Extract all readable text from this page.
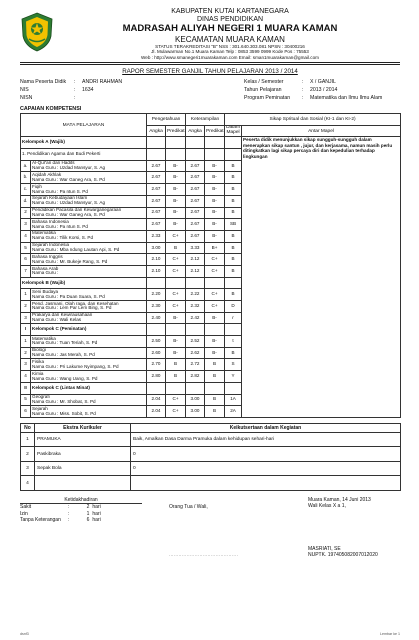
KABUPATEN KUTAI KARTANEGARA
DINAS PENDIDIKAN
MADRASAH ALIYAH NEGERI 1 MUARA KAMAN
KECAMATAN MUARA KAMAN
STATUS TERAKREDITASI "B" NSS : 301.640.303.081 NPSN : 30400216
Jl. Mulawarman No.1 Muara Kaman Telp : 0853 3599 0999 Kode Pos : 75553
Web : http://www.smanegeri1muarakaman.com Email: sman1muarakaman@gmail.com
RAPOR SEMESTER GANJIL TAHUN PELAJARAN 2013 / 2014
Nama Peserta Didik : ANDRI RAHMAN
NIS	: 1634
NISN	:
Kelas / Semester	: X / GANJIL
Tahun Pelajaran	: 2013 / 2014
Program Peminatan : Matematika dan Ilmu Ilmu Alam
CAPAIAN KOMPETENSI
MATA PELAJARAN		Pengetahuan		Keterampilan		Sikap Spritual dan Sosial (KI-1 dan KI-2)	
		Angka	Predikat	Angka	Predikat	Dalam Mapel	Antar Mapel
Kelompok A (Wajib)							Peserta didik menunjukkan sikap sungguh-sungguh dalam menerapkan sikap santun , jujur, dan kerjasama, namun masih perlu ditingkatkan lagi sikap percaya diri dan kepedulian terhadap lingkungan
1. Pendidikan Agama dan Budi Pekerti							
a.	Al-Qur'an dan Hadits
Nama Guru : Uzdad Mansyur, S. Ag	2.67	B-	2.67	B-	B	
b.	Aqidah Akhlak
Nama Guru : War Ganeg Ara, S. Pd	2.67	B-	2.67	B-	B	
c.	Fiqih
Nama Guru : Pa ntun S. Pd	2.67	B-	2.67	B-	B	
d.	Sejarah Kebudayaan Islam
Nama Guru : Uzdad Mansyur, S. Ag	2.67	B-	2.67	B-	B	
2	Pendidikan Pacasila dan Kewarganegaraan
Nama Guru : War Ganeg Ara, S. Pd	2.67	B-	2.67	B-	B	
3	Bahasa Indonesia
Nama Guru : Pa ntun S. Pd	2.67	B-	2.67	B-	SB	
4	Matematika
Nama Guru : Tilik Korsi, S. Pd	2.33	C+	2.67	B-	B	
5	Sejarah Indonesia
Nama Guru : Mba ndung Lautan Api, S. Pd	3.00	B	3.33	B+	B	
6	Bahasa Inggris
Nama Guru : Mr. Bukeje Rang, S. Pd	2.10	C+	2.12	C+	B	
7	Bahasa Arab
Nama Guru :	2.10	C+	2.12	C+	B	
Kelompok B (Wajib)							
1	Seni Budaya
Nama Guru : Pa Duan Suara, S. Pd	2.20	C+	2.22	C+	B	
2	Pend. Jasmani, Olah raga, dan Kesehatan
Nama Guru : Lem Par Lem Bing, S. Pd	2.30	C+	2.32	C+	D	
3	Prakarya dan Kewirausahaan
Nama Guru : Wali Kelas	2.40	B-	2.42	B-	r	
I	Kelompok C (Peminatan)						
1	Matematika
Nama Guru : Tuan Teriah, S. Pd	2.50	B-	2.52	B-	t	
2	Biologi
Nama Guru : Jas Merah, S. Pd	2.60	B-	2.62	B-	B	
3	Fisika
Nama Guru : Pri Lakume Nyimpang, S. Pd	2.70	B	2.72	B	S	
4	Kimia
Nama Guru : Wang Uang, S. Pd	2.80	B	2.82	B	Y	
II	Kelompok C (Lintas Minat)						
5	Geografi
Nama Guru : Mr. Shobat, S. Pd	2.04	C+	3.00	B	1A	
6	Sejarah
Nama Guru : Miss. Sobit, S. Pd	2.04	C+	3.00	B	2A	
No	Ekstra Kurikuler	Keikutsertaan dalam Kegiatan
1	PRAMUKA	Baik, Amalkan Dasa Darma Pramuka dalam kehidupan sehari-hari
2	Paskibraka	0
3	Sepak Bola	0
4		
Ketidakhadiran
Sakit	:	2 hari
Izin	:	1 hari
Tanpa Keterangan	:	6 hari
Orang Tua / Wali,
...........................................
Muara Kaman, 14 Juni 2013
Wali Kelas X a 1,
MASRIATI, SE
NUPTK. 197405082007012020
dsnf3	Lembar ke 1
